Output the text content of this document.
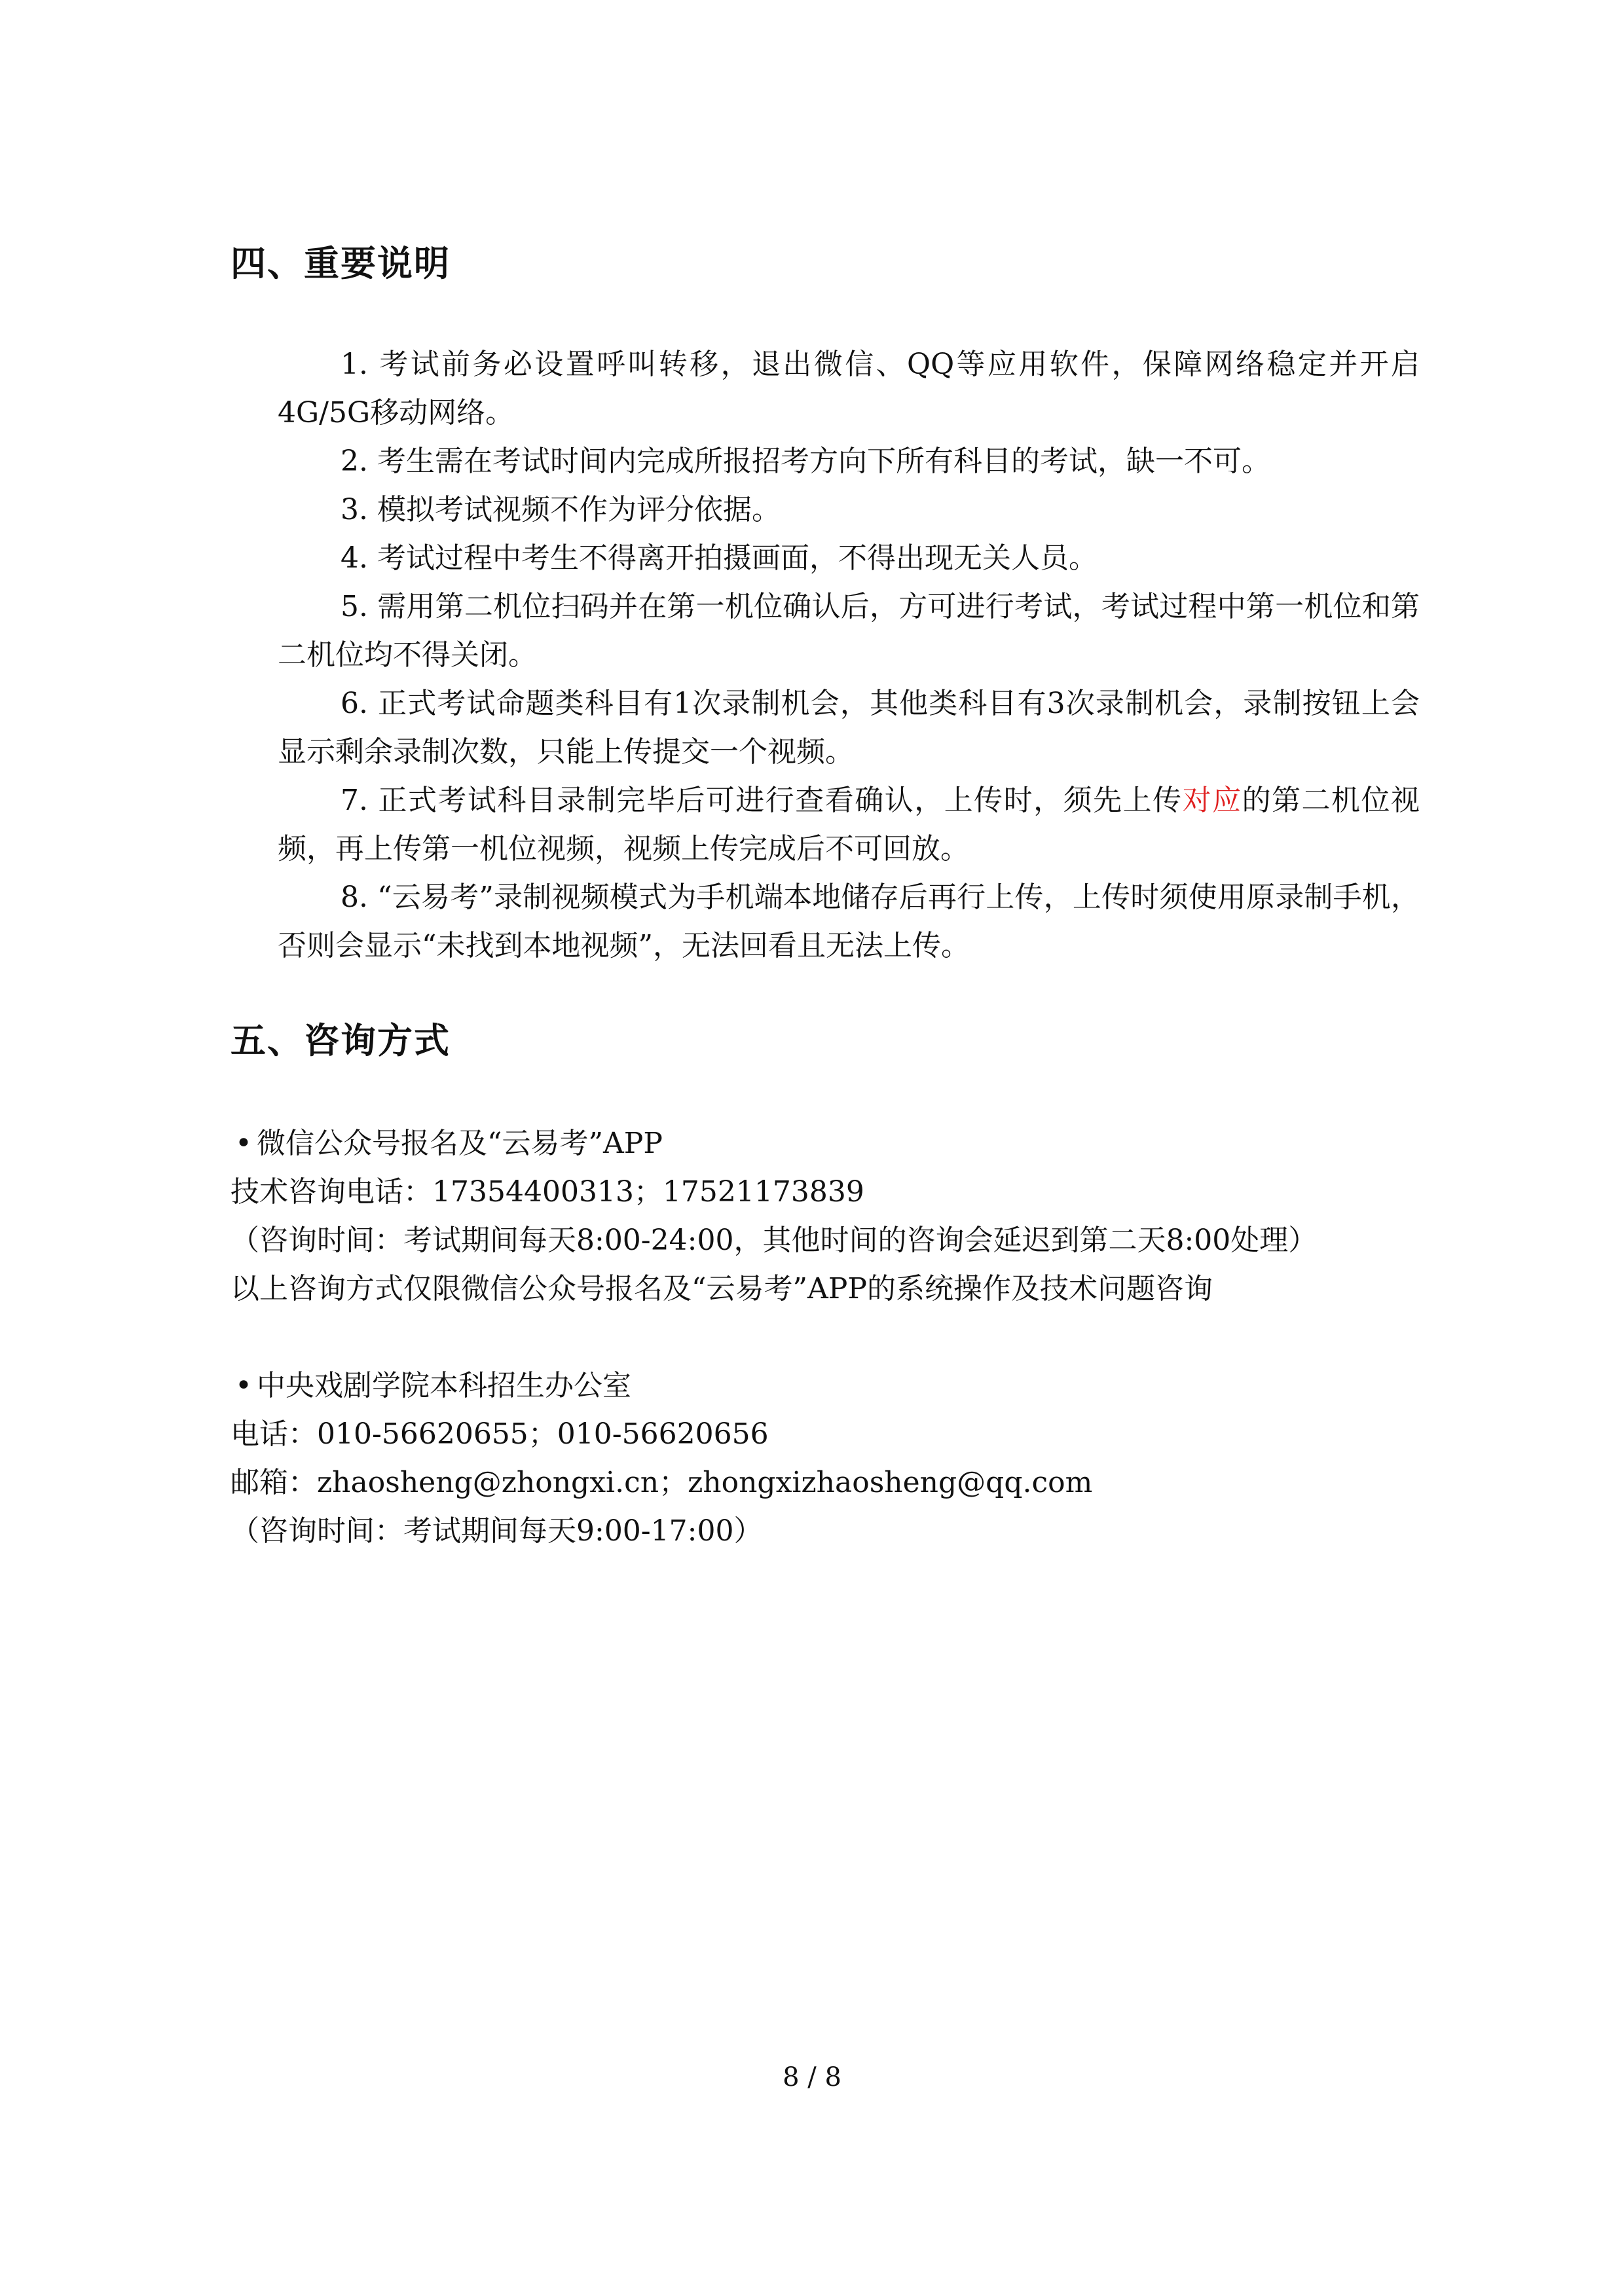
四、重要说明

1. 考试前务必设置呼叫转移，退出微信、QQ等应用软件，保障网络稳定并开启4G/5G移动网络。

2. 考生需在考试时间内完成所报招考方向下所有科目的考试，缺一不可。

3. 模拟考试视频不作为评分依据。

4. 考试过程中考生不得离开拍摄画面，不得出现无关人员。

5. 需用第二机位扫码并在第一机位确认后，方可进行考试，考试过程中第一机位和第二机位均不得关闭。

6. 正式考试命题类科目有1次录制机会，其他类科目有3次录制机会，录制按钮上会显示剩余录制次数，只能上传提交一个视频。

7. 正式考试科目录制完毕后可进行查看确认，上传时，须先上传对应的第二机位视频，再上传第一机位视频，视频上传完成后不可回放。

8. “云易考”录制视频模式为手机端本地储存后再行上传，上传时须使用原录制手机，否则会显示“未找到本地视频”，无法回看且无法上传。

五、咨询方式
• 微信公众号报名及“云易考”APP
技术咨询电话：17354400313；17521173839
（咨询时间：考试期间每天8:00-24:00，其他时间的咨询会延迟到第二天8:00处理）
以上咨询方式仅限微信公众号报名及“云易考”APP的系统操作及技术问题咨询
• 中央戏剧学院本科招生办公室
电话：010-56620655；010-56620656
邮箱：zhaosheng@zhongxi.cn；zhongxizhaosheng@qq.com
（咨询时间：考试期间每天9:00-17:00）
8 / 8
